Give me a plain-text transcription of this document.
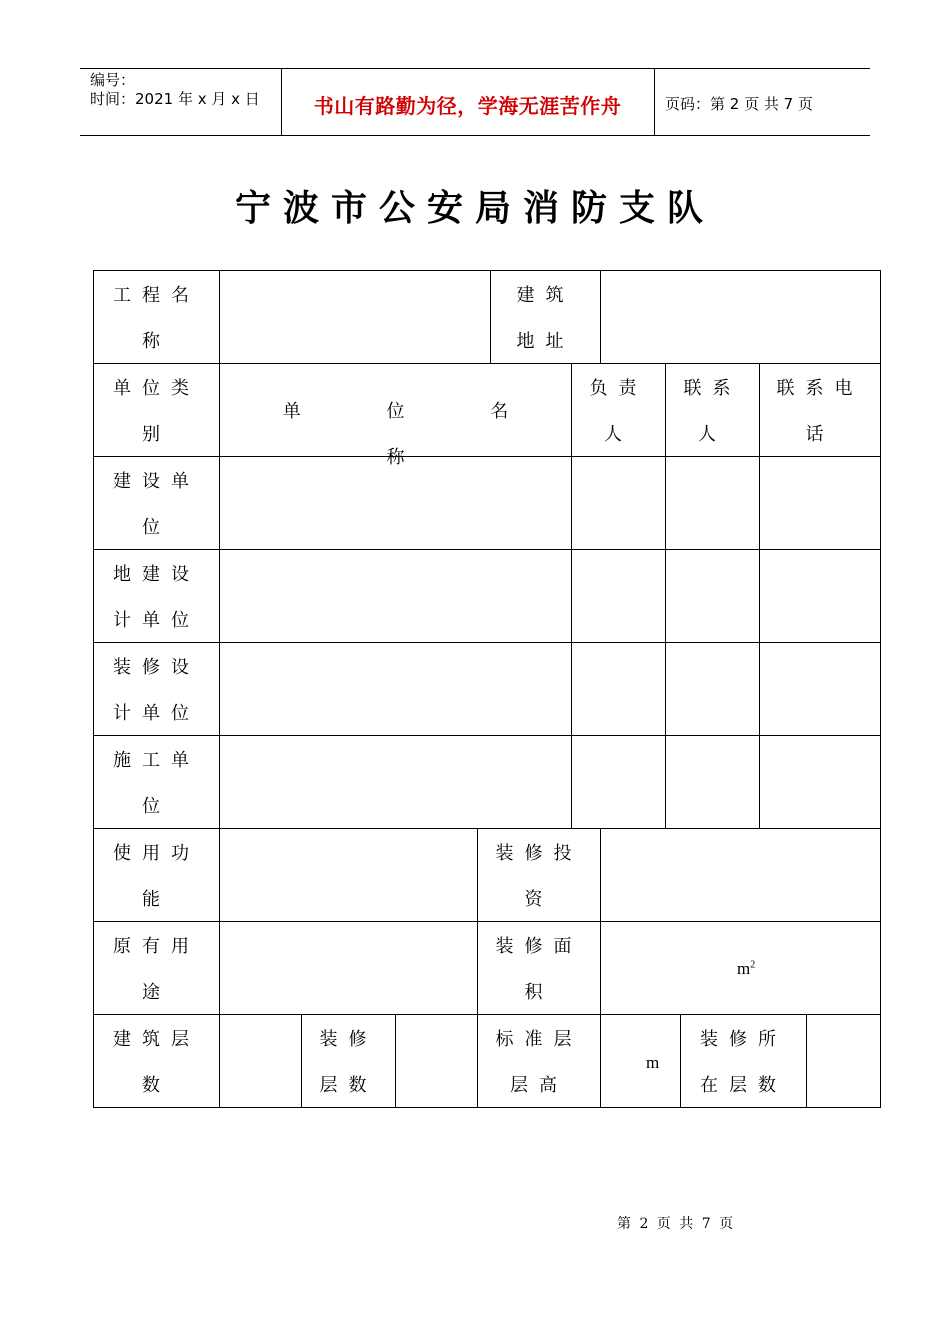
编号：
时间：2021 年 x 月 x 日	书山有路勤为径，学海无涯苦作舟	页码：第 2 页 共 7 页
宁波市公安局消防支队
工程名
称
建筑
地址
单位类
别
单 位 名 称
负责
人
联系
人
联系电
话
建设单
位
地建设
计单位
装修设
计单位
施工单
位
使用功
能
装修投
资
原有用
途
装修面
积
$m^2$
建筑层
数
装修
层数
标准层
层高
m
装修所
在层数
第 2 页 共 7 页
